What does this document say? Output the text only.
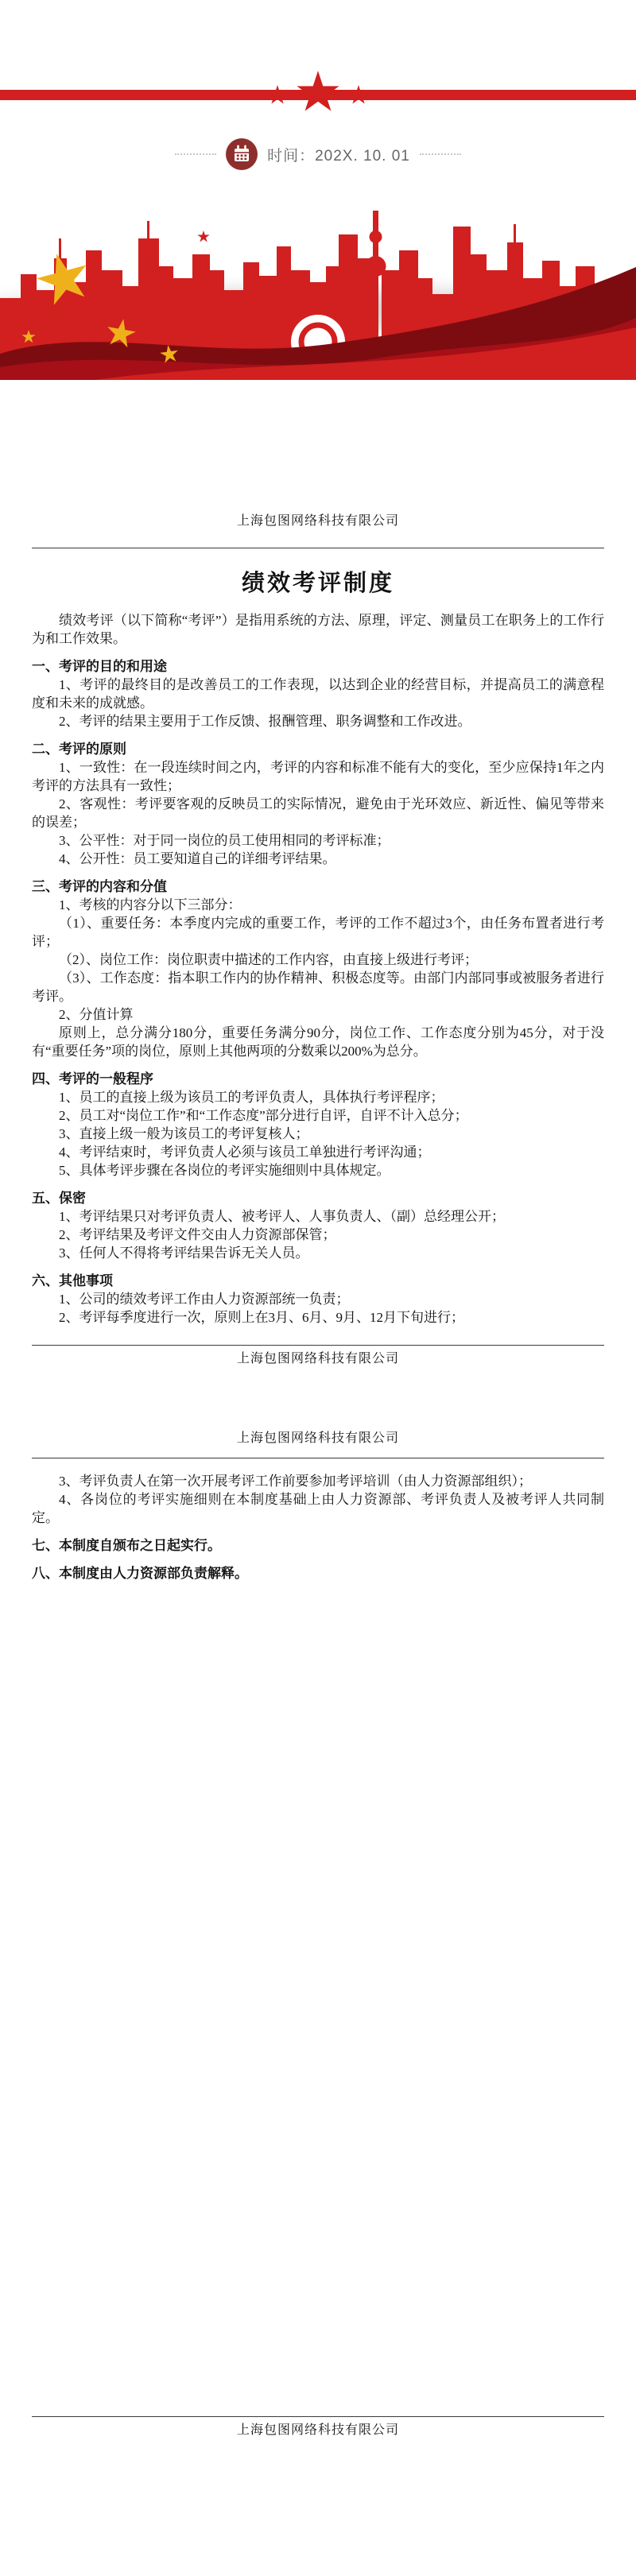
时间：202X. 10. 01
上海包图网络科技有限公司
绩效考评制度

绩效考评（以下简称“考评”）是指用系统的方法、原理，评定、测量员工在职务上的工作行为和工作效果。

一、考评的目的和用途

1、考评的最终目的是改善员工的工作表现，以达到企业的经营目标，并提高员工的满意程度和未来的成就感。

2、考评的结果主要用于工作反馈、报酬管理、职务调整和工作改进。

二、考评的原则

1、一致性：在一段连续时间之内，考评的内容和标准不能有大的变化，至少应保持1年之内考评的方法具有一致性；

2、客观性：考评要客观的反映员工的实际情况，避免由于光环效应、新近性、偏见等带来的误差；

3、公平性：对于同一岗位的员工使用相同的考评标准；

4、公开性：员工要知道自己的详细考评结果。

三、考评的内容和分值

1、考核的内容分以下三部分：

（1）、重要任务：本季度内完成的重要工作，考评的工作不超过3个，由任务布置者进行考评；

（2）、岗位工作：岗位职责中描述的工作内容，由直接上级进行考评；

（3）、工作态度：指本职工作内的协作精神、积极态度等。由部门内部同事或被服务者进行考评。

2、分值计算

原则上，总分满分180分，重要任务满分90分，岗位工作、工作态度分别为45分，对于没有“重要任务”项的岗位，原则上其他两项的分数乘以200%为总分。

四、考评的一般程序

1、员工的直接上级为该员工的考评负责人，具体执行考评程序；

2、员工对“岗位工作”和“工作态度”部分进行自评，自评不计入总分；

3、直接上级一般为该员工的考评复核人；

4、考评结束时，考评负责人必须与该员工单独进行考评沟通；

5、具体考评步骤在各岗位的考评实施细则中具体规定。

五、保密

1、考评结果只对考评负责人、被考评人、人事负责人、（副）总经理公开；

2、考评结果及考评文件交由人力资源部保管；

3、任何人不得将考评结果告诉无关人员。

六、其他事项

1、公司的绩效考评工作由人力资源部统一负责；

2、考评每季度进行一次，原则上在3月、6月、9月、12月下旬进行；

上海包图网络科技有限公司
上海包图网络科技有限公司

3、考评负责人在第一次开展考评工作前要参加考评培训（由人力资源部组织）；

4、各岗位的考评实施细则在本制度基础上由人力资源部、考评负责人及被考评人共同制定。

七、本制度自颁布之日起实行。

八、本制度由人力资源部负责解释。

上海包图网络科技有限公司
